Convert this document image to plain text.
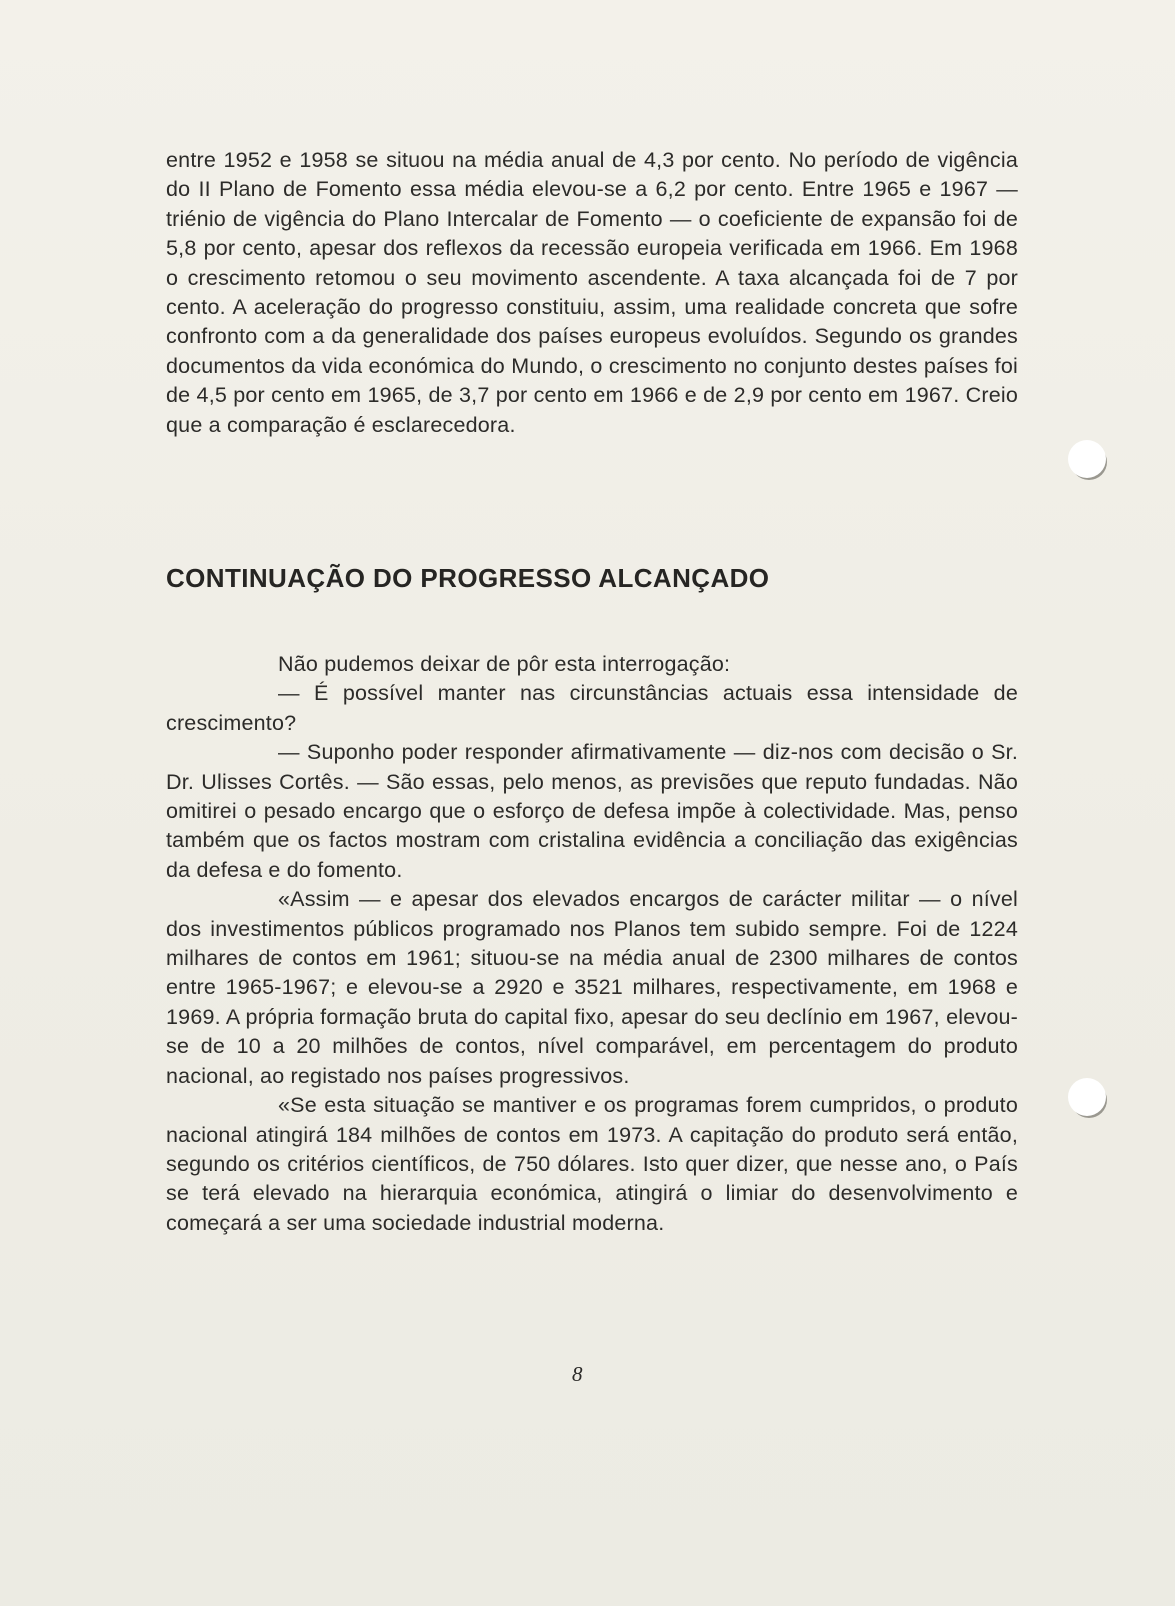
entre 1952 e 1958 se situou na média anual de 4,3 por cento. No período de vigência do II Plano de Fomento essa média elevou-se a 6,2 por cento. Entre 1965 e 1967 — triénio de vigência do Plano Intercalar de Fomento — o coeficiente de expansão foi de 5,8 por cento, apesar dos reflexos da recessão europeia verificada em 1966. Em 1968 o crescimento retomou o seu movimento ascendente. A taxa alcançada foi de 7 por cento. A aceleração do progresso constituiu, assim, uma realidade concreta que sofre confronto com a da generalidade dos países europeus evoluídos. Segundo os grandes documentos da vida económica do Mundo, o crescimento no conjunto destes países foi de 4,5 por cento em 1965, de 3,7 por cento em 1966 e de 2,9 por cento em 1967. Creio que a comparação é esclarecedora.

CONTINUAÇÃO DO PROGRESSO ALCANÇADO

Não pudemos deixar de pôr esta interrogação:

— É possível manter nas circunstâncias actuais essa intensidade de crescimento?

— Suponho poder responder afirmativamente — diz-nos com decisão o Sr. Dr. Ulisses Cortês. — São essas, pelo menos, as previsões que reputo fundadas. Não omitirei o pesado encargo que o esforço de defesa impõe à colectividade. Mas, penso também que os factos mostram com cristalina evidência a conciliação das exigências da defesa e do fomento.

«Assim — e apesar dos elevados encargos de carácter militar — o nível dos investimentos públicos programado nos Planos tem subido sempre. Foi de 1224 milhares de contos em 1961; situou-se na média anual de 2300 milhares de contos entre 1965-1967; e elevou-se a 2920 e 3521 milhares, respectivamente, em 1968 e 1969. A própria formação bruta do capital fixo, apesar do seu declínio em 1967, elevou-se de 10 a 20 milhões de contos, nível comparável, em percentagem do produto nacional, ao registado nos países progressivos.

«Se esta situação se mantiver e os programas forem cumpridos, o produto nacional atingirá 184 milhões de contos em 1973. A capitação do produto será então, segundo os critérios científicos, de 750 dólares. Isto quer dizer, que nesse ano, o País se terá elevado na hierarquia económica, atingirá o limiar do desenvolvimento e começará a ser uma sociedade industrial moderna.

8
